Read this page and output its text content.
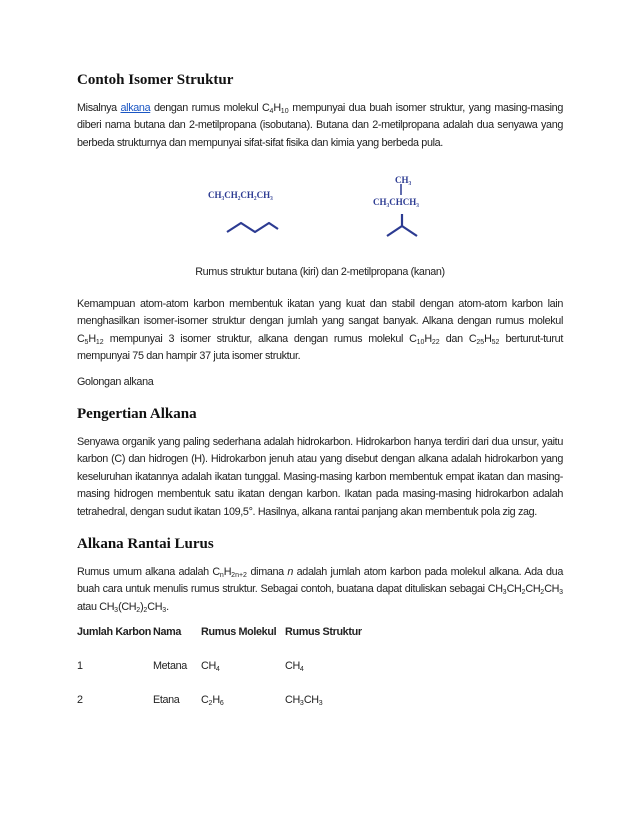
Contoh Isomer Struktur

Misalnya alkana dengan rumus molekul $C_4H_{10}$ mempunyai dua buah isomer struktur, yang masing-masing diberi nama butana dan 2-metilpropana (isobutana). Butana dan 2-metilpropana adalah dua senyawa yang berbeda strukturnya dan mempunyai sifat-sifat fisika dan kimia yang berbeda pula.

CH₃CH₂CH₂CH₃
CH₃
CH₃CHCH₃

Rumus struktur butana (kiri) dan 2-metilpropana (kanan)

Kemampuan atom-atom karbon membentuk ikatan yang kuat dan stabil dengan atom-atom karbon lain menghasilkan isomer-isomer struktur dengan jumlah yang sangat banyak. Alkana dengan rumus molekul $C_5H_{12}$ mempunyai 3 isomer struktur, alkana dengan rumus molekul $C_{10}H_{22}$ dan $C_{25}H_{52}$ berturut-turut mempunyai 75 dan hampir 37 juta isomer struktur.

Golongan alkana

Pengertian Alkana

Senyawa organik yang paling sederhana adalah hidrokarbon. Hidrokarbon hanya terdiri dari dua unsur, yaitu karbon (C) dan hidrogen (H). Hidrokarbon jenuh atau yang disebut dengan alkana adalah hidrokarbon yang keseluruhan ikatannya adalah ikatan tunggal. Masing-masing karbon membentuk empat ikatan dan masing-masing hidrogen membentuk satu ikatan dengan karbon. Ikatan pada masing-masing hidrokarbon adalah tetrahedral, dengan sudut ikatan 109,5°. Hasilnya, alkana rantai panjang akan membentuk pola zig zag.

Alkana Rantai Lurus

Rumus umum alkana adalah $C_nH_{2n+2}$ dimana n adalah jumlah atom karbon pada molekul alkana. Ada dua buah cara untuk menulis rumus struktur. Sebagai contoh, buatana dapat dituliskan sebagai $CH_3CH_2CH_2CH_3$ atau $CH_3(CH_2)_2CH_3$.

Jumlah Karbon	Nama	Rumus Molekul	Rumus Struktur
1	Metana	$CH_4$	$CH_4$
2	Etana	$C_2H_6$	$CH_3CH_3$
